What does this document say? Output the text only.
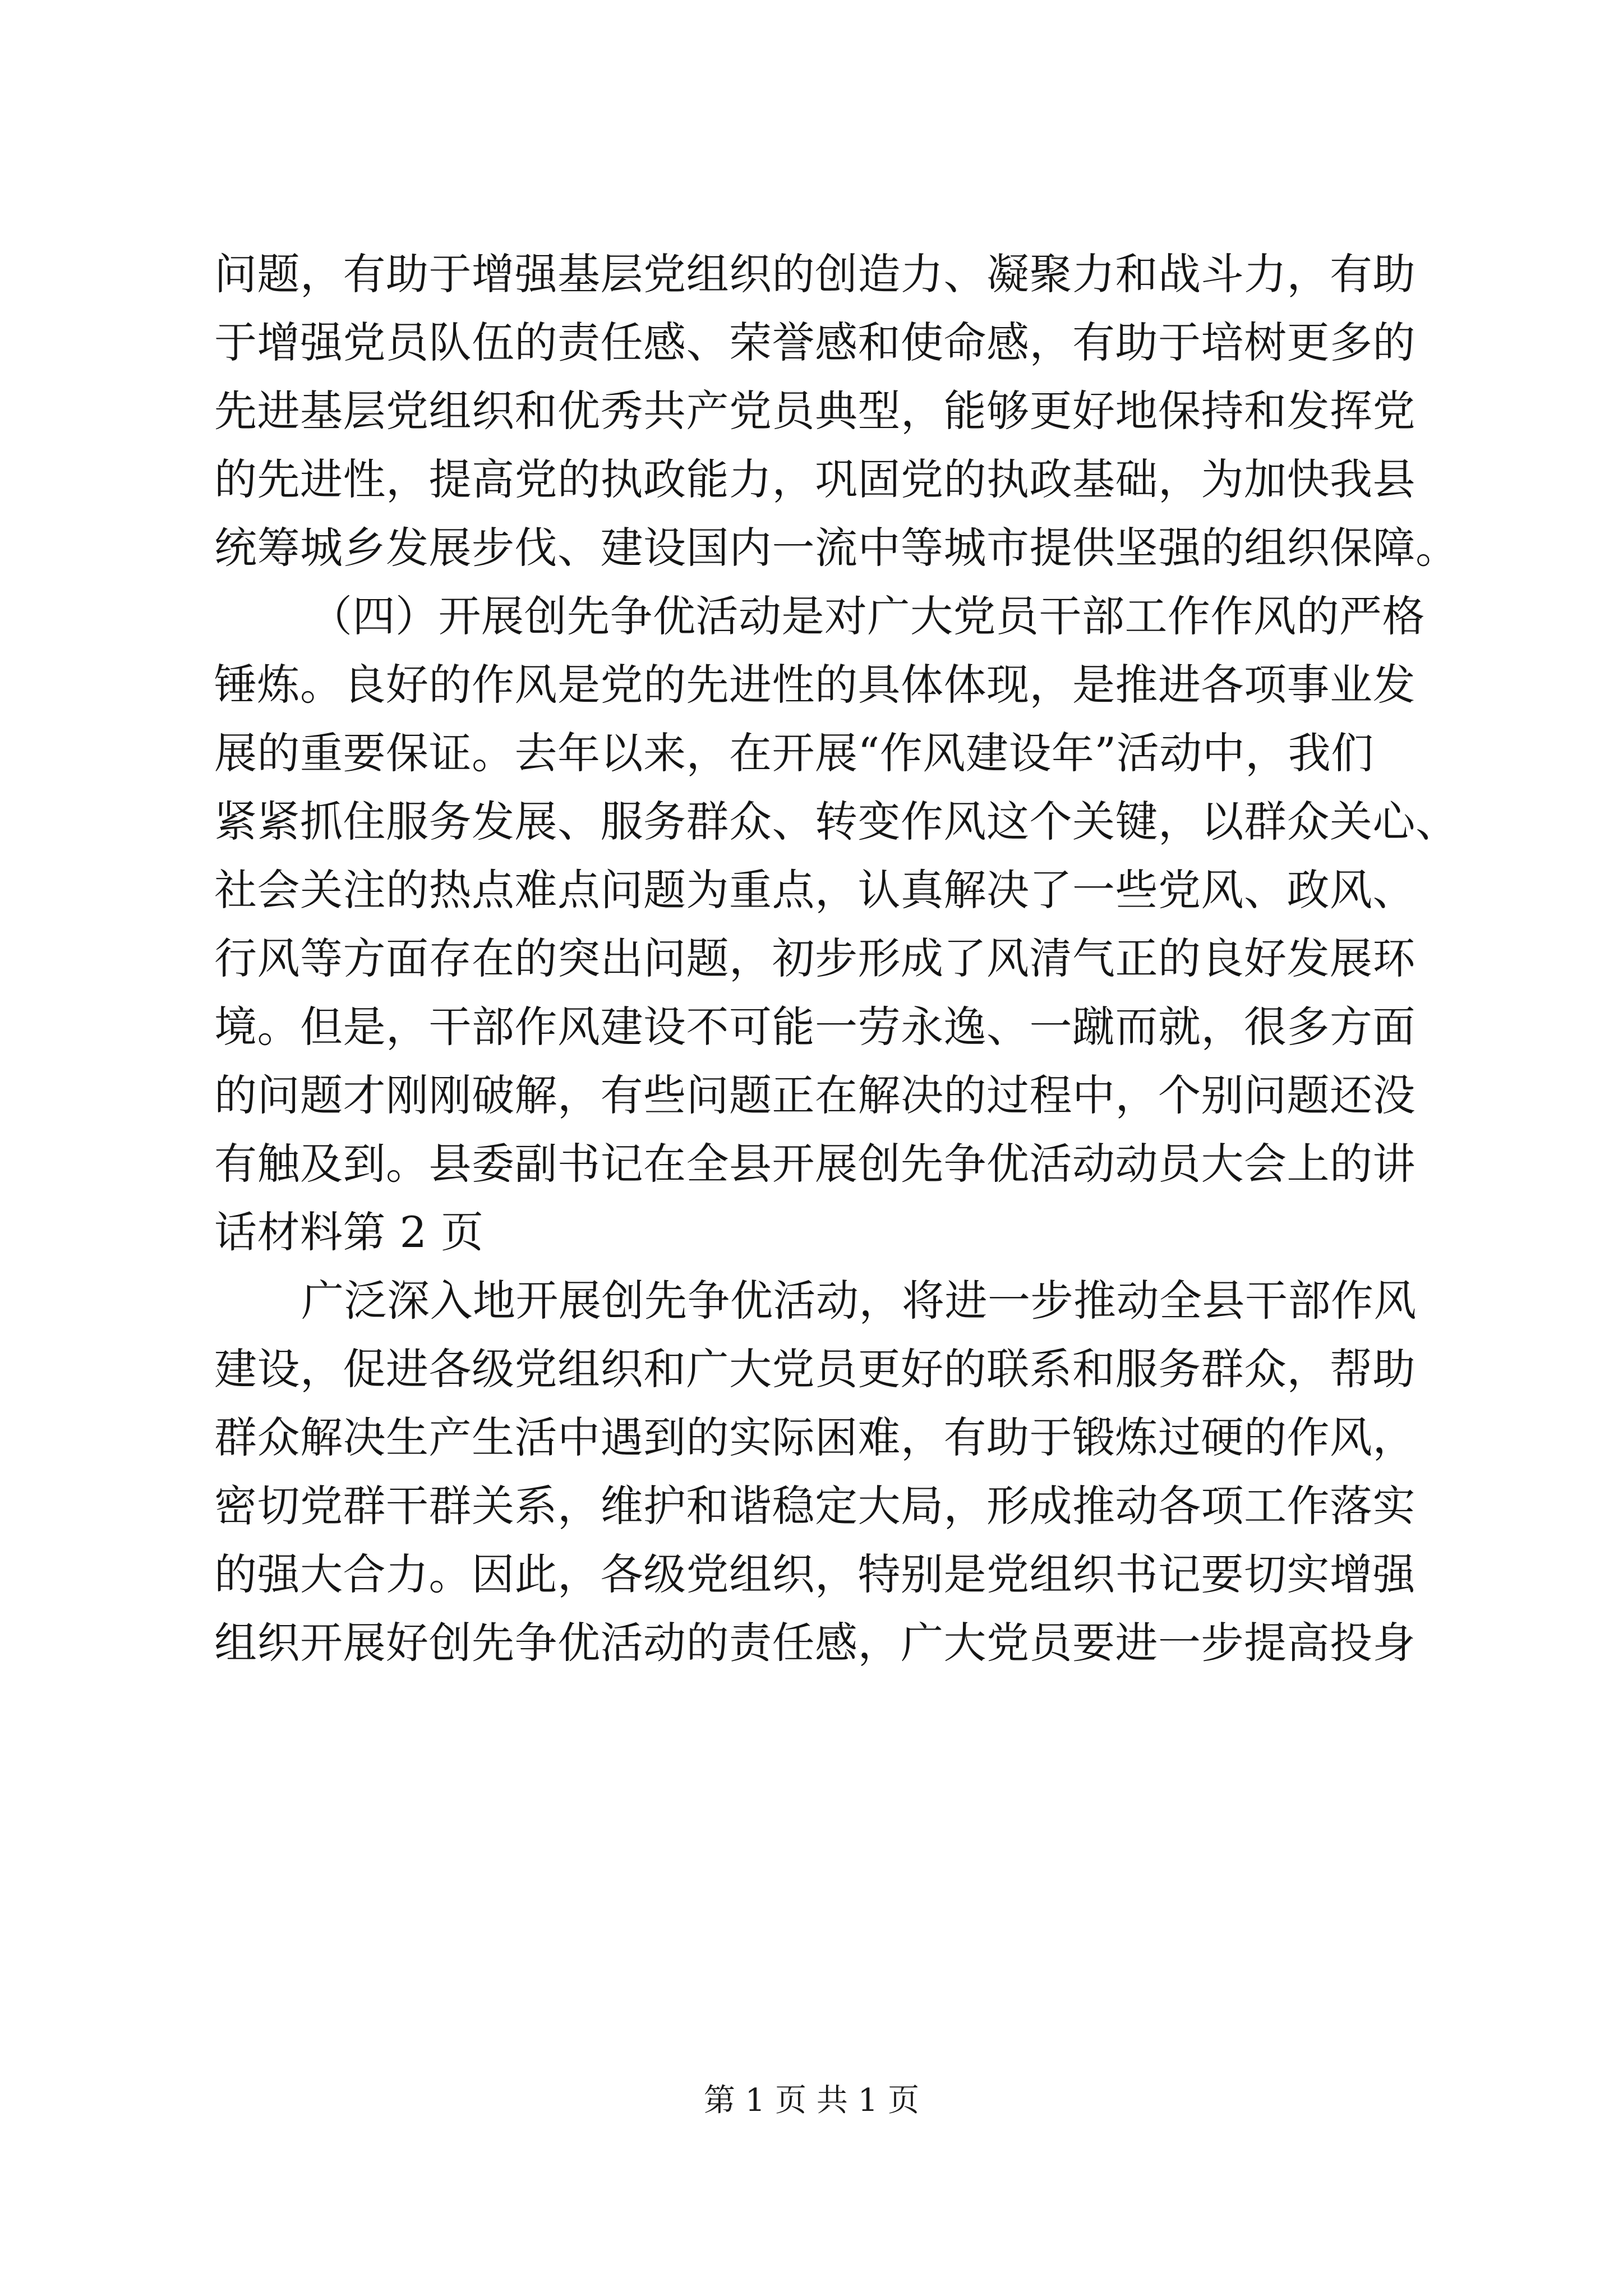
问题，有助于增强基层党组织的创造力、凝聚力和战斗力，有助
于增强党员队伍的责任感、荣誉感和使命感，有助于培树更多的
先进基层党组织和优秀共产党员典型，能够更好地保持和发挥党
的先进性，提高党的执政能力，巩固党的执政基础，为加快我县
统筹城乡发展步伐、建设国内一流中等城市提供坚强的组织保障。
（四）开展创先争优活动是对广大党员干部工作作风的严格
锤炼。良好的作风是党的先进性的具体体现，是推进各项事业发
展的重要保证。去年以来，在开展“作风建设年”活动中，我们
紧紧抓住服务发展、服务群众、转变作风这个关键，以群众关心、
社会关注的热点难点问题为重点，认真解决了一些党风、政风、
行风等方面存在的突出问题，初步形成了风清气正的良好发展环
境。但是，干部作风建设不可能一劳永逸、一蹴而就，很多方面
的问题才刚刚破解，有些问题正在解决的过程中，个别问题还没
有触及到。县委副书记在全县开展创先争优活动动员大会上的讲
话材料第 2 页
广泛深入地开展创先争优活动，将进一步推动全县干部作风
建设，促进各级党组织和广大党员更好的联系和服务群众，帮助
群众解决生产生活中遇到的实际困难，有助于锻炼过硬的作风，
密切党群干群关系，维护和谐稳定大局，形成推动各项工作落实
的强大合力。因此，各级党组织，特别是党组织书记要切实增强
组织开展好创先争优活动的责任感，广大党员要进一步提高投身
第 1 页 共 1 页
